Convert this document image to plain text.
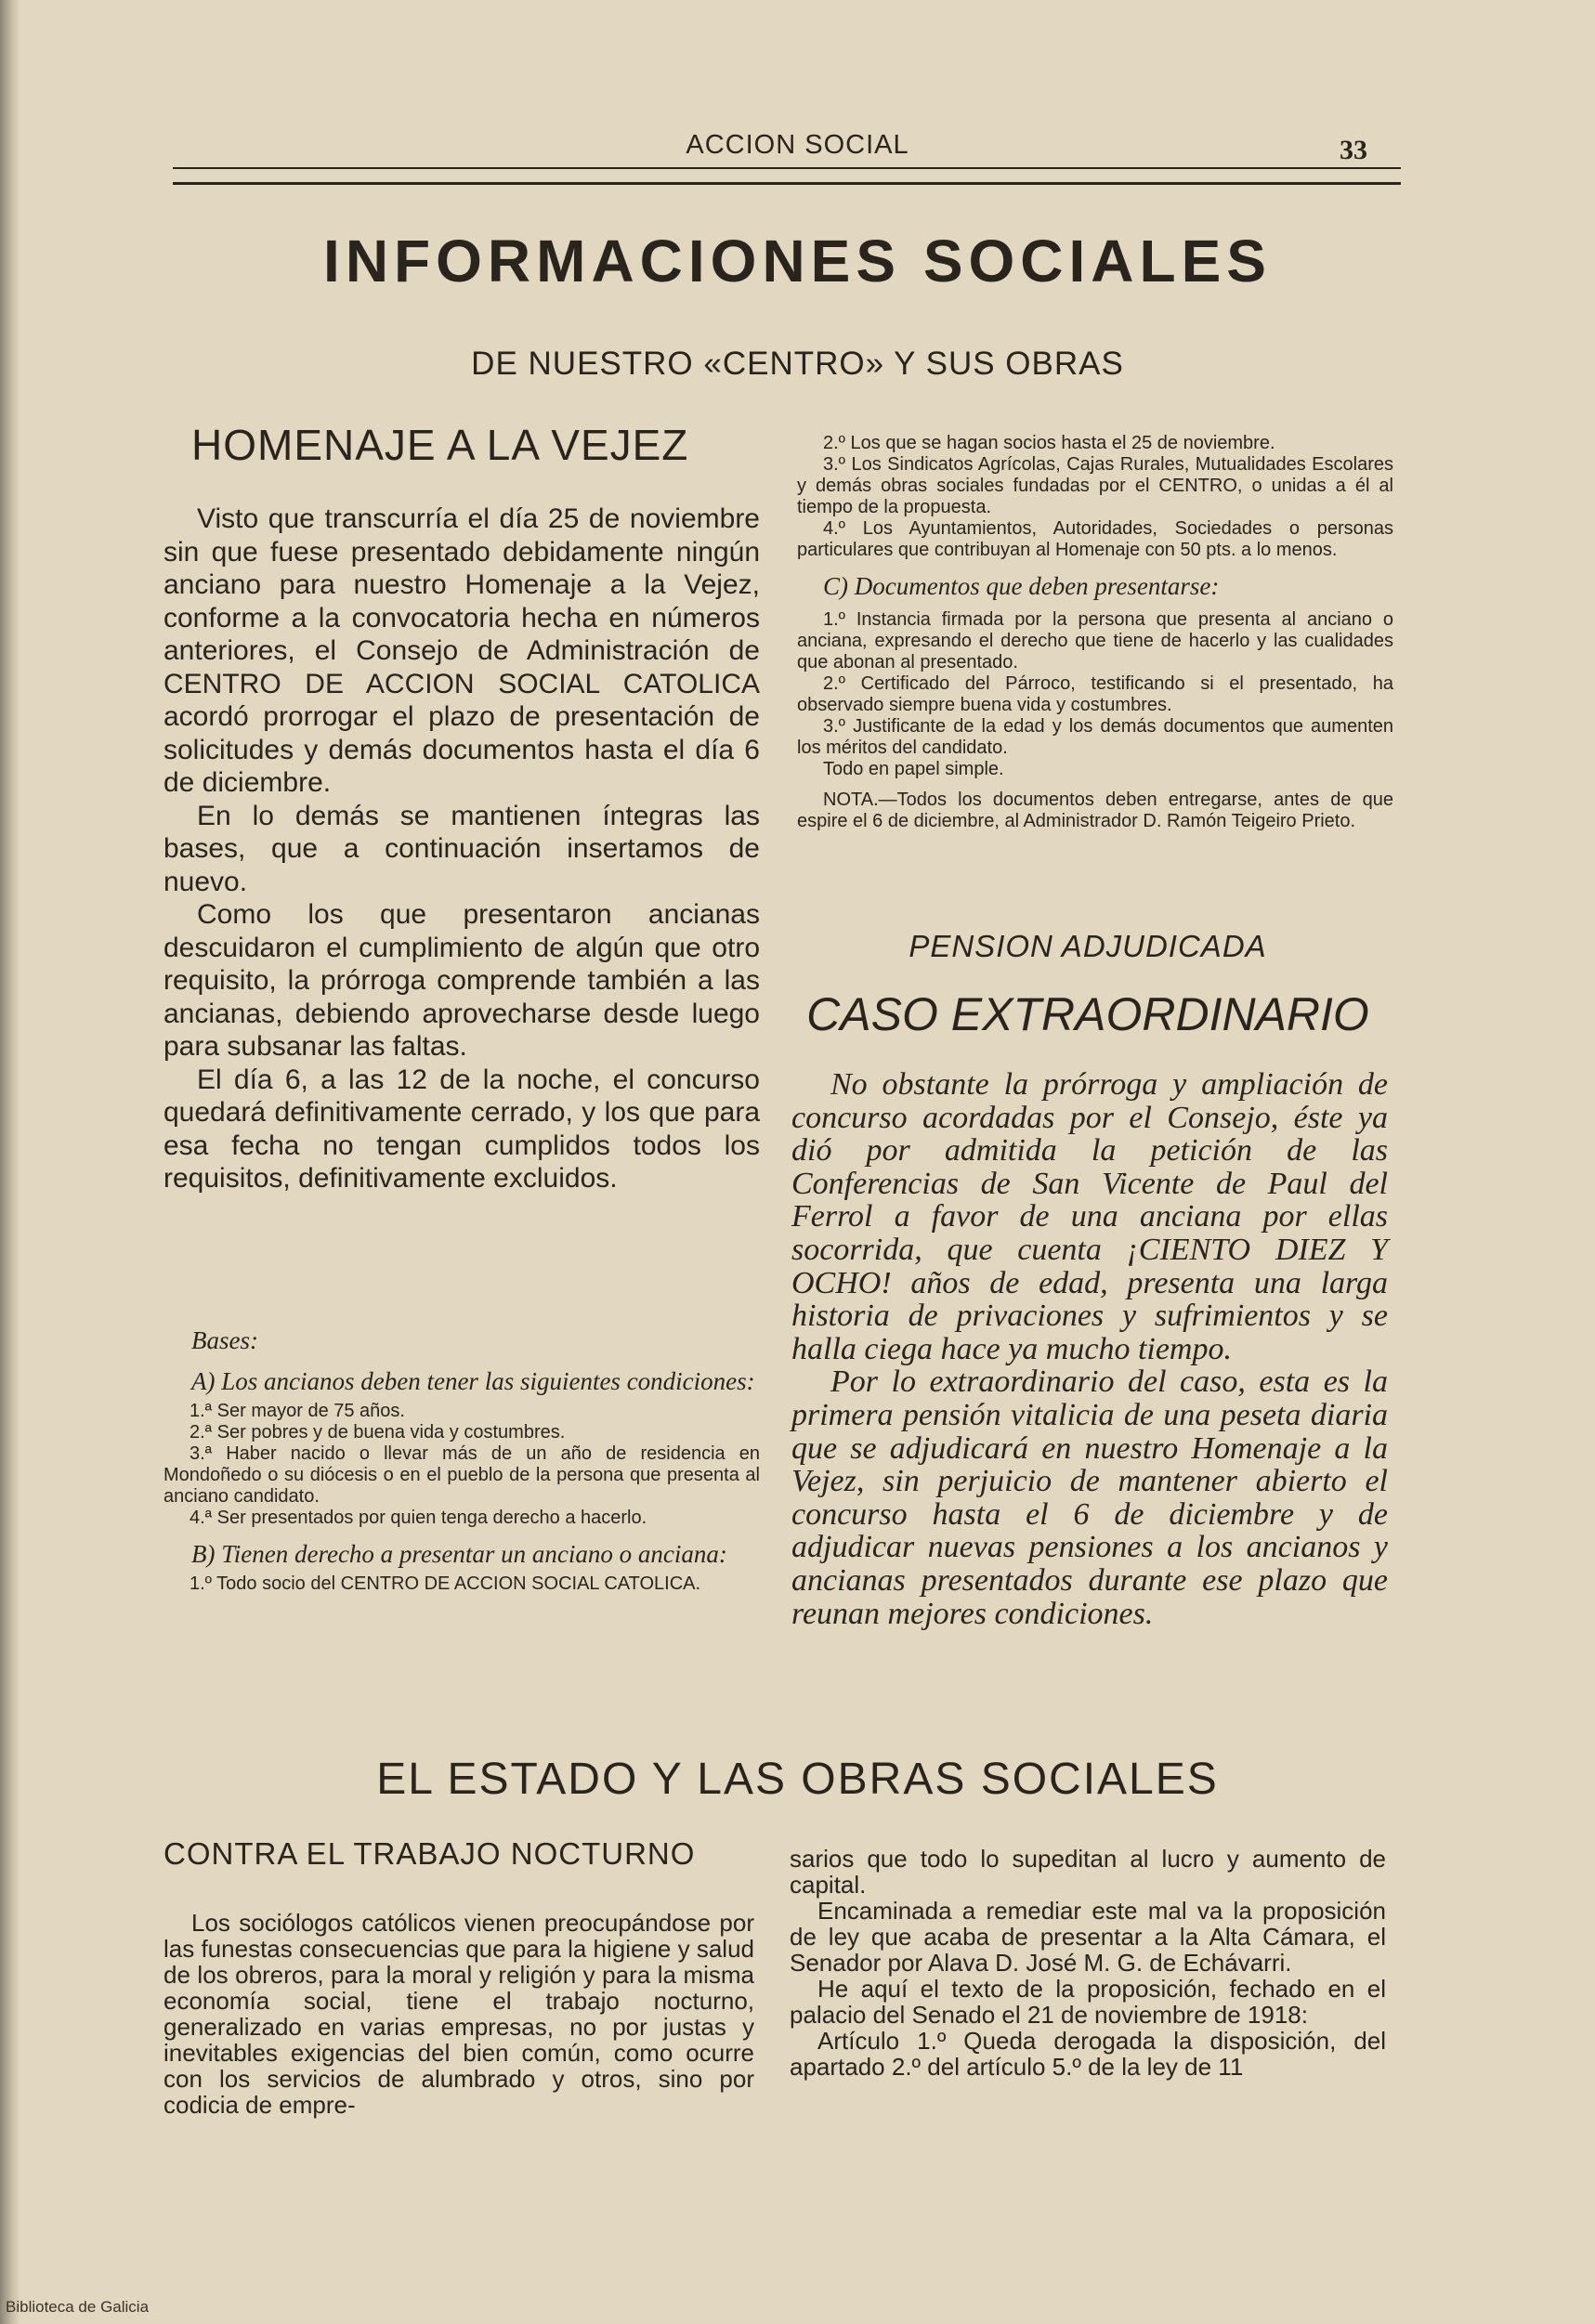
ACCION SOCIAL	33
INFORMACIONES SOCIALES
DE NUESTRO «CENTRO» Y SUS OBRAS
HOMENAJE A LA VEJEZ

Visto que transcurría el día 25 de noviembre sin que fuese presentado debidamente ningún anciano para nuestro Homenaje a la Vejez, conforme a la convocatoria hecha en números anteriores, el Consejo de Administración de CENTRO DE ACCION SOCIAL CATOLICA acordó prorrogar el plazo de presentación de solicitudes y demás documentos hasta el día 6 de diciembre.

En lo demás se mantienen íntegras las bases, que a continuación insertamos de nuevo.

Como los que presentaron ancianas descuidaron el cumplimiento de algún que otro requisito, la prórroga comprende también a las ancianas, debiendo aprovecharse desde luego para subsanar las faltas.

El día 6, a las 12 de la noche, el concurso quedará definitivamente cerrado, y los que para esa fecha no tengan cumplidos todos los requisitos, definitivamente excluidos.

Bases:
A) Los ancianos deben tener las siguientes condiciones:

1.ª Ser mayor de 75 años.

2.ª Ser pobres y de buena vida y costumbres.

3.ª Haber nacido o llevar más de un año de residencia en Mondoñedo o su diócesis o en el pueblo de la persona que presenta al anciano candidato.

4.ª Ser presentados por quien tenga derecho a hacerlo.

B) Tienen derecho a presentar un anciano o anciana:

1.º Todo socio del CENTRO DE ACCION SOCIAL CATOLICA.

2.º Los que se hagan socios hasta el 25 de noviembre.

3.º Los Sindicatos Agrícolas, Cajas Rurales, Mutualidades Escolares y demás obras sociales fundadas por el CENTRO, o unidas a él al tiempo de la propuesta.

4.º Los Ayuntamientos, Autoridades, Sociedades o personas particulares que contribuyan al Homenaje con 50 pts. a lo menos.

C) Documentos que deben presentarse:

1.º Instancia firmada por la persona que presenta al anciano o anciana, expresando el derecho que tiene de hacerlo y las cualidades que abonan al presentado.

2.º Certificado del Párroco, testificando si el presentado, ha observado siempre buena vida y costumbres.

3.º Justificante de la edad y los demás documentos que aumenten los méritos del candidato.

Todo en papel simple.

NOTA.—Todos los documentos deben entregarse, antes de que espire el 6 de diciembre, al Administrador D. Ramón Teigeiro Prieto.

PENSION ADJUDICADA
CASO EXTRAORDINARIO

No obstante la prórroga y ampliación de concurso acordadas por el Consejo, éste ya dió por admitida la petición de las Conferencias de San Vicente de Paul del Ferrol a favor de una anciana por ellas socorrida, que cuenta ¡CIENTO DIEZ Y OCHO! años de edad, presenta una larga historia de privaciones y sufrimientos y se halla ciega hace ya mucho tiempo.

Por lo extraordinario del caso, esta es la primera pensión vitalicia de una peseta diaria que se adjudicará en nuestro Homenaje a la Vejez, sin perjuicio de mantener abierto el concurso hasta el 6 de diciembre y de adjudicar nuevas pensiones a los ancianos y ancianas presentados durante ese plazo que reunan mejores condiciones.

EL ESTADO Y LAS OBRAS SOCIALES
CONTRA EL TRABAJO NOCTURNO

Los sociólogos católicos vienen preocupándose por las funestas consecuencias que para la higiene y salud de los obreros, para la moral y religión y para la misma economía social, tiene el trabajo nocturno, generalizado en varias empresas, no por justas y inevitables exigencias del bien común, como ocurre con los servicios de alumbrado y otros, sino por codicia de empre-

sarios que todo lo supeditan al lucro y aumento de capital.

Encaminada a remediar este mal va la proposición de ley que acaba de presentar a la Alta Cámara, el Senador por Alava D. José M. G. de Echávarri.

He aquí el texto de la proposición, fechado en el palacio del Senado el 21 de noviembre de 1918:

Artículo 1.º Queda derogada la disposición, del apartado 2.º del artículo 5.º de la ley de 11

Biblioteca de Galicia
